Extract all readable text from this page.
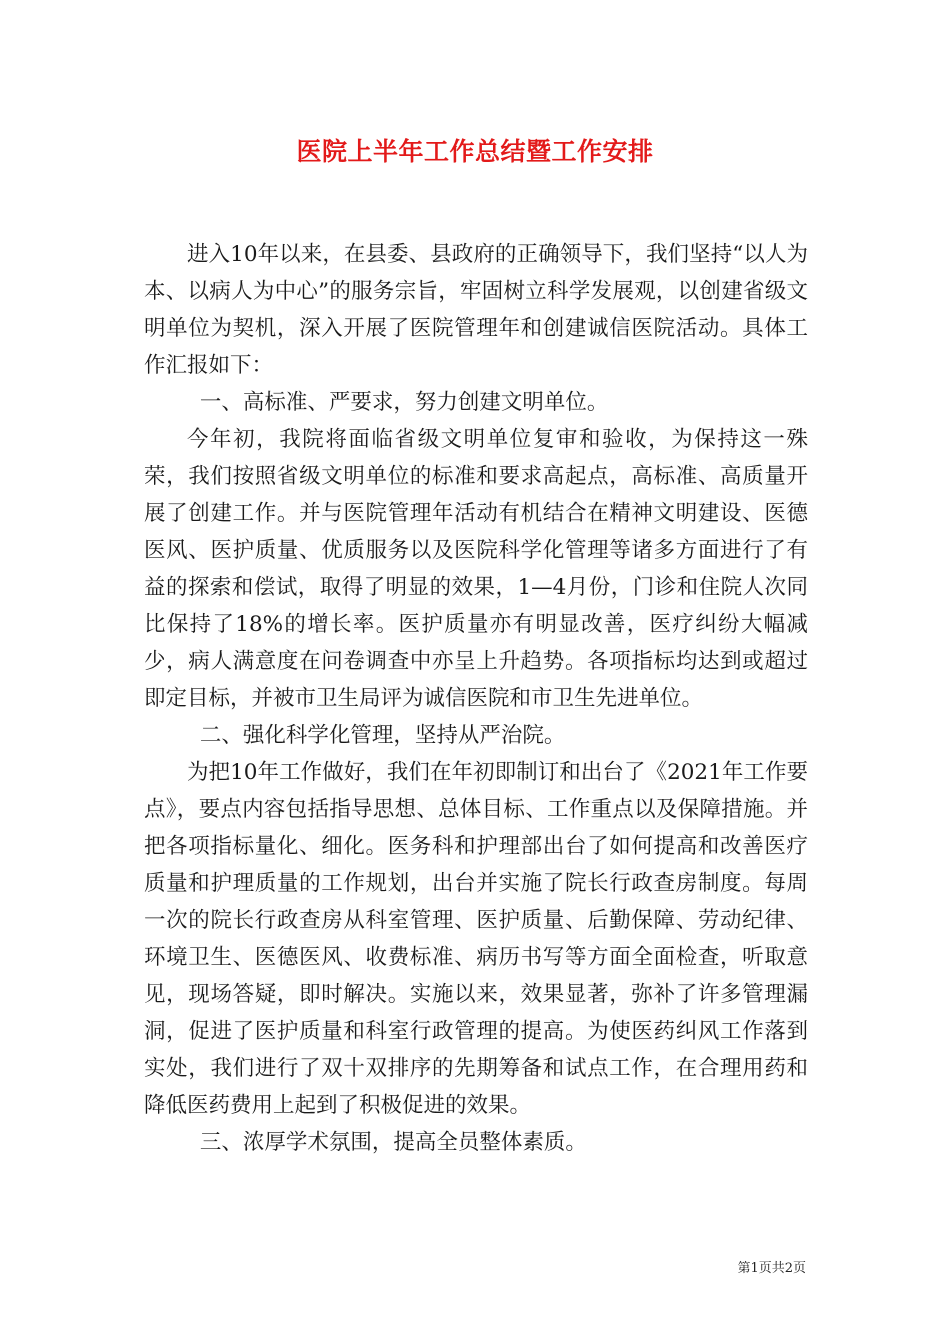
医院上半年工作总结暨工作安排

进入10年以来，在县委、县政府的正确领导下，我们坚持“以人为本、以病人为中心”的服务宗旨，牢固树立科学发展观，以创建省级文明单位为契机，深入开展了医院管理年和创建诚信医院活动。具体工作汇报如下：

一、高标准、严要求，努力创建文明单位。

今年初，我院将面临省级文明单位复审和验收，为保持这一殊荣，我们按照省级文明单位的标准和要求高起点，高标准、高质量开展了创建工作。并与医院管理年活动有机结合在精神文明建设、医德医风、医护质量、优质服务以及医院科学化管理等诸多方面进行了有益的探索和偿试，取得了明显的效果，1—4月份，门诊和住院人次同比保持了18%的增长率。医护质量亦有明显改善，医疗纠纷大幅减少，病人满意度在问卷调查中亦呈上升趋势。各项指标均达到或超过即定目标，并被市卫生局评为诚信医院和市卫生先进单位。

二、强化科学化管理，坚持从严治院。

为把10年工作做好，我们在年初即制订和出台了《2021年工作要点》，要点内容包括指导思想、总体目标、工作重点以及保障措施。并把各项指标量化、细化。医务科和护理部出台了如何提高和改善医疗质量和护理质量的工作规划，出台并实施了院长行政查房制度。每周一次的院长行政查房从科室管理、医护质量、后勤保障、劳动纪律、环境卫生、医德医风、收费标准、病历书写等方面全面检查，听取意见，现场答疑，即时解决。实施以来，效果显著，弥补了许多管理漏洞，促进了医护质量和科室行政管理的提高。为使医药纠风工作落到实处，我们进行了双十双排序的先期筹备和试点工作，在合理用药和降低医药费用上起到了积极促进的效果。

三、浓厚学术氛围，提高全员整体素质。

第1页共2页
